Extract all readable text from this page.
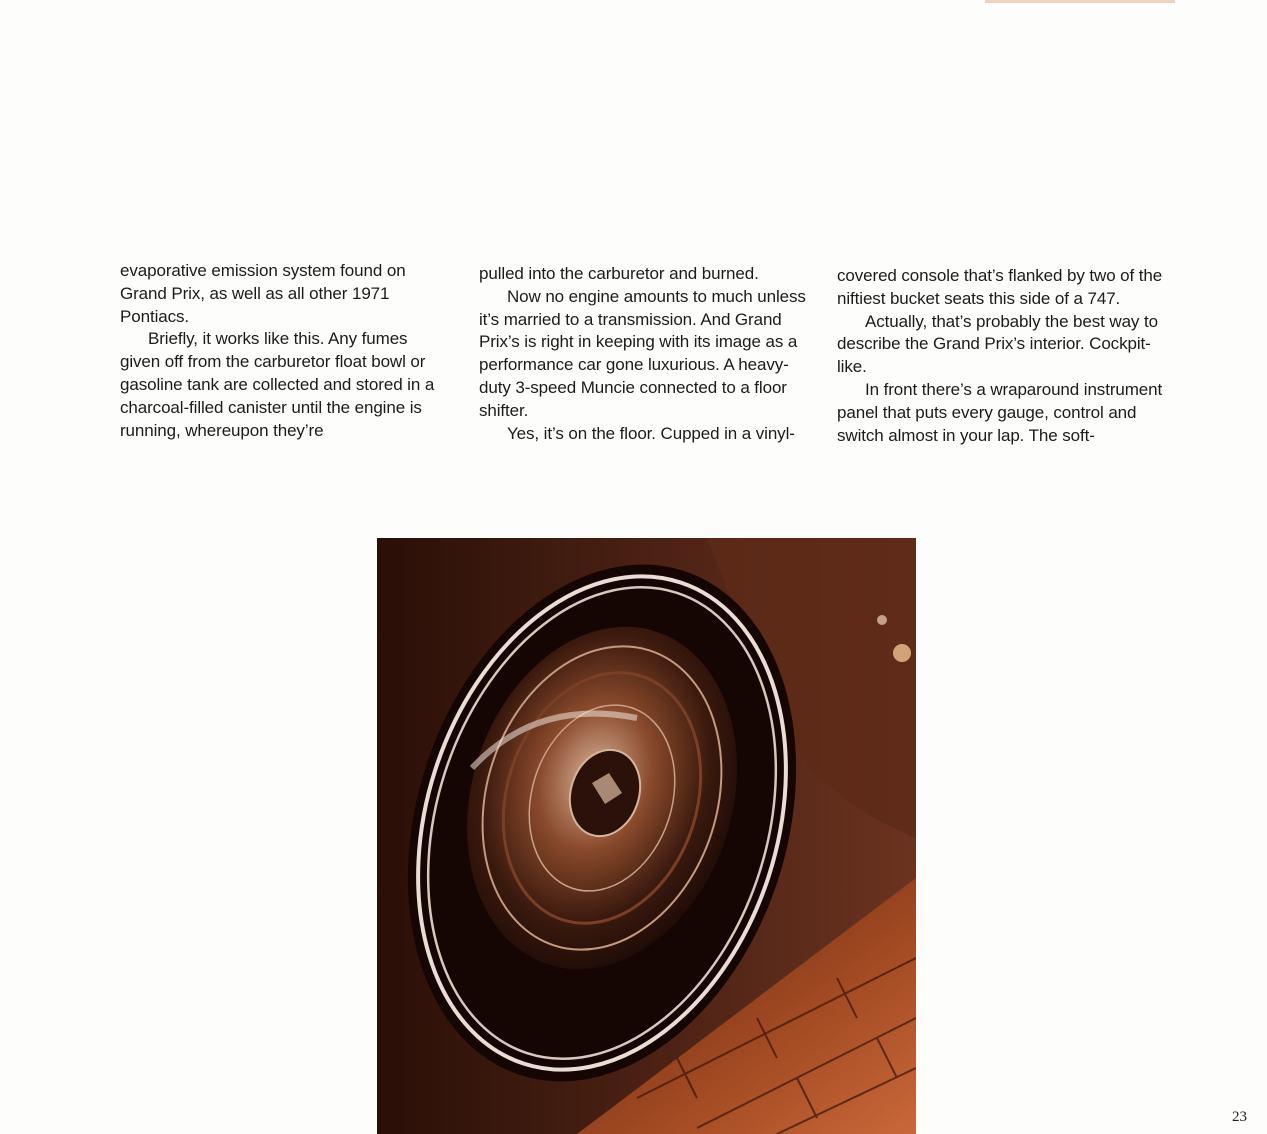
evaporative emission system found on Grand Prix, as well as all other 1971 Pontiacs.

Briefly, it works like this. Any fumes given off from the carburetor float bowl or gasoline tank are collected and stored in a charcoal-filled canister until the engine is running, whereupon they’re

pulled into the carburetor and burned.

Now no engine amounts to much unless it’s married to a transmission. And Grand Prix’s is right in keeping with its image as a performance car gone luxurious. A heavy-duty 3-speed Muncie connected to a floor shifter.

Yes, it’s on the floor. Cupped in a vinyl-

covered console that’s flanked by two of the niftiest bucket seats this side of a 747.

Actually, that’s probably the best way to describe the Grand Prix’s interior. Cockpit-like.

In front there’s a wraparound instrument panel that puts every gauge, control and switch almost in your lap. The soft-

23
